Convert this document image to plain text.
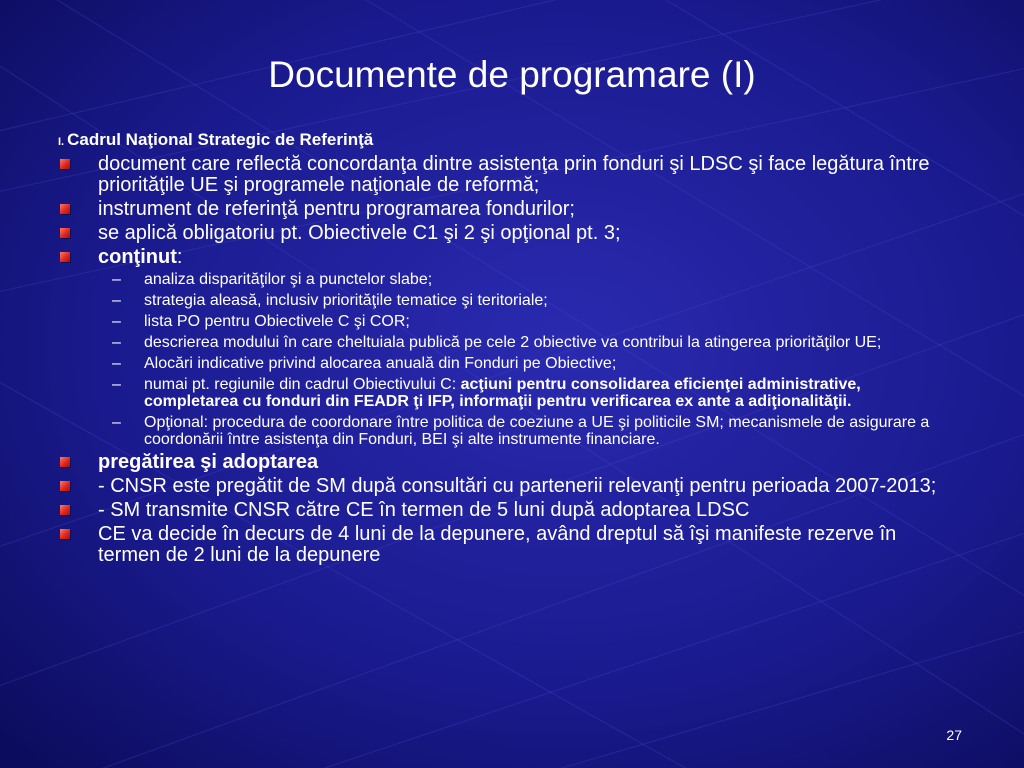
Documente de programare (I)
I. Cadrul Naţional Strategic de Referinţă
document care reflectă concordanţa dintre asistenţa prin fonduri şi LDSC şi face legătura între priorităţile UE şi programele naţionale de reformă;
instrument de referinţă pentru programarea fondurilor;
se aplică obligatoriu pt. Obiectivele C1 şi 2 şi opţional pt. 3;
conţinut:
– analiza disparităţilor şi a punctelor slabe;
– strategia aleasă, inclusiv priorităţile tematice şi teritoriale;
– lista PO pentru Obiectivele C şi COR;
– descrierea modului în care cheltuiala publică pe cele 2 obiective va contribui la atingerea priorităţilor UE;
– Alocări indicative privind alocarea anuală din Fonduri pe Obiective;
– numai pt. regiunile din cadrul Obiectivului C: acţiuni pentru consolidarea eficienţei administrative, completarea cu fonduri din FEADR ţi IFP, informaţii pentru verificarea ex ante a adiţionalităţii.
– Opţional: procedura de coordonare între politica de coeziune a UE şi politicile SM; mecanismele de asigurare a coordonării între asistenţa din Fonduri, BEI şi alte instrumente financiare.
pregătirea şi adoptarea
- CNSR este pregătit de SM după consultări cu partenerii relevanţi pentru perioada 2007-2013;
- SM transmite CNSR către CE în termen de 5 luni după adoptarea LDSC
CE va decide în decurs de 4 luni de la depunere, având dreptul să îşi manifeste rezerve în termen de 2 luni de la depunere
27
